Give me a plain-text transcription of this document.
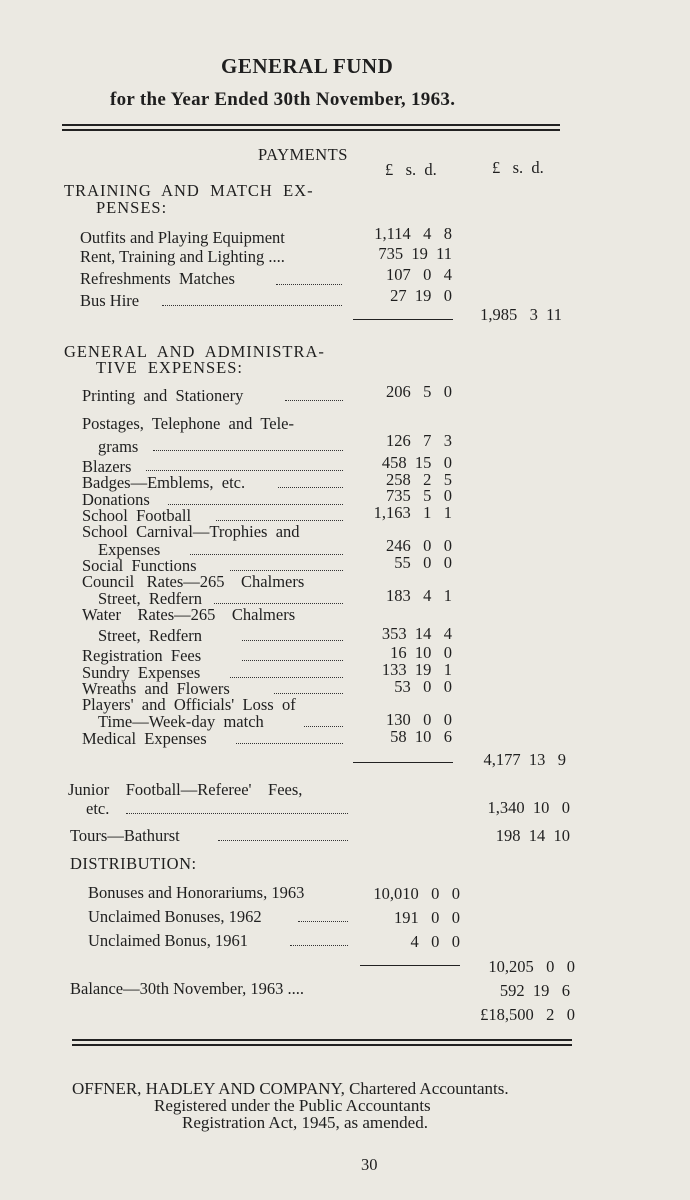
GENERAL FUND
for the Year Ended 30th November, 1963.
PAYMENTS
£   s.  d.	£   s.  d.
TRAINING  AND  MATCH  EX-
PENSES:
Outfits and Playing Equipment	1,114   4   8
Rent, Training and Lighting ....	735  19  11
Refreshments  Matches	107   0   4
Bus Hire	27  19   0
1,985   3  11
GENERAL  AND  ADMINISTRA-
TIVE  EXPENSES:
Printing  and  Stationery	206   5   0
Postages,  Telephone  and  Tele-
grams	126   7   3
Blazers	458  15   0
Badges—Emblems,  etc.	258   2   5
Donations	735   5   0
School  Football	1,163   1   1
School  Carnival—Trophies  and
Expenses	246   0   0
Social  Functions	55   0   0
Council   Rates—265    Chalmers
Street,  Redfern	183   4   1
Water    Rates—265    Chalmers
Street,  Redfern	353  14   4
Registration  Fees	16  10   0
Sundry  Expenses	133  19   1
Wreaths  and  Flowers	53   0   0
Players'  and  Officials'  Loss  of
Time—Week-day  match	130   0   0
Medical  Expenses	58  10   6
4,177  13   9
Junior    Football—Referee'    Fees,
etc.	1,340  10   0
Tours—Bathurst	198  14  10
DISTRIBUTION:
Bonuses and Honorariums, 1963	10,010   0   0
Unclaimed Bonuses, 1962	191   0   0
Unclaimed Bonus, 1961	4   0   0
10,205   0   0
Balance—30th November, 1963 ....	592  19   6
£18,500   2   0
OFFNER, HADLEY AND COMPANY, Chartered Accountants.
Registered under the Public Accountants
Registration Act, 1945, as amended.
30
